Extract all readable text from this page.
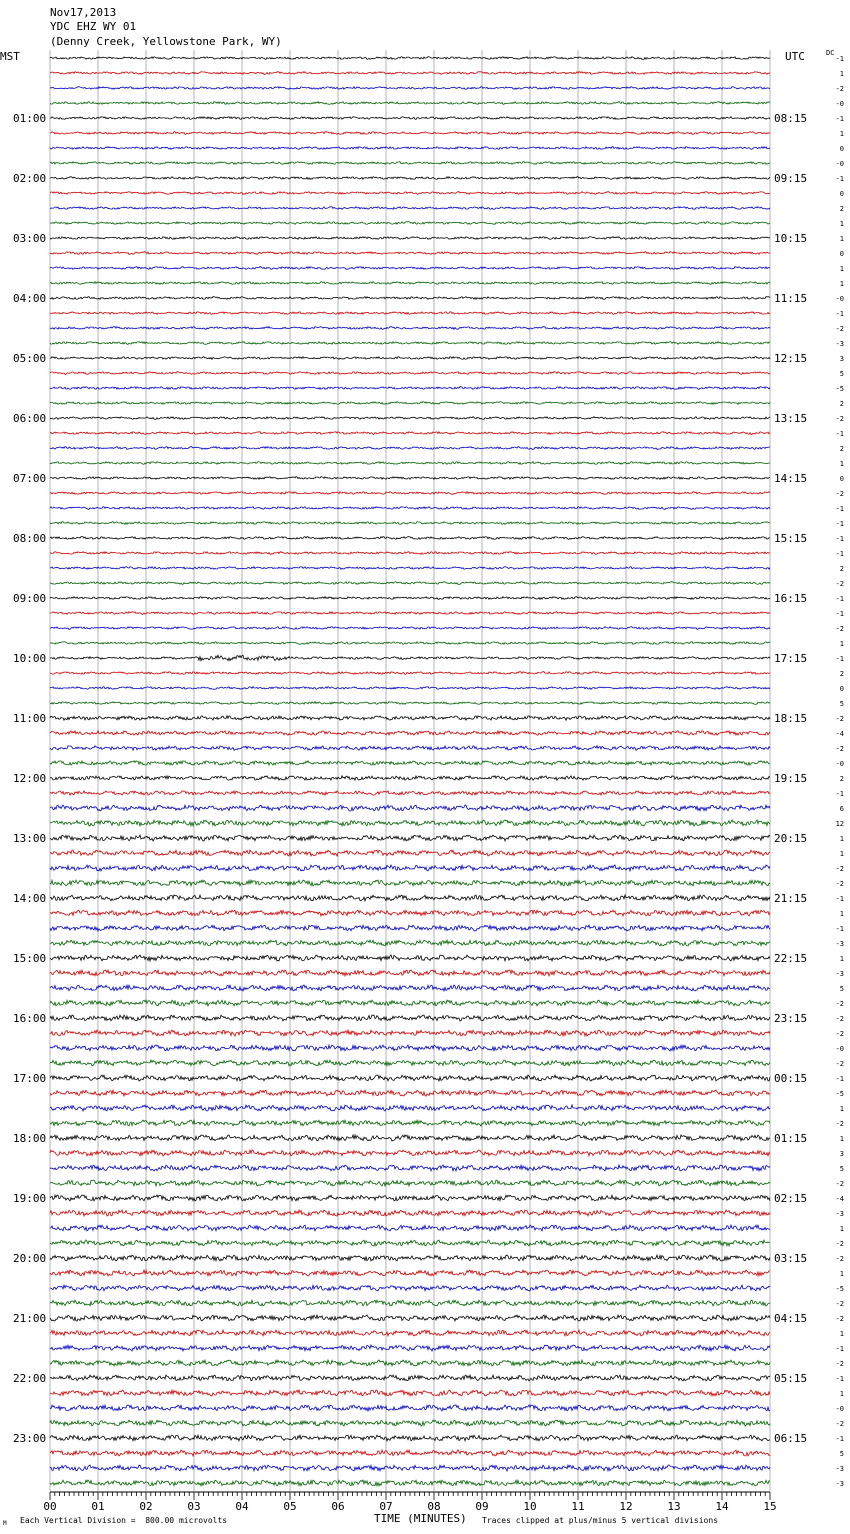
Nov17,2013
YDC EHZ WY 01
(Denny Creek, Yellowstone Park, WY)
MST	UTC	DC
01:00
02:00
03:00
04:00
05:00
06:00
07:00
08:00
09:00
10:00
11:00
12:00
13:00
14:00
15:00
16:00
17:00
18:00
19:00
20:00
21:00
22:00
23:00
08:15
09:15
10:15
11:15
12:15
13:15
14:15
15:15
16:15
17:15
18:15
19:15
20:15
21:15
22:15
23:15
00:15
01:15
02:15
03:15
04:15
05:15
06:15
-1
1
-2
-0
-1
1
0
-0
-1
0
2
1
1
0
1
1
-0
-1
-2
-3
3
5
-5
2
-2
-1
2
1
0
-2
-1
-1
-1
-1
2
-2
-1
-1
-2
1
-1
2
0
5
-2
-4
-2
-0
2
-1
6
12
1
1
-2
-2
-1
1
-1
-3
1
-3
5
-2
-2
-2
-0
-2
-1
-5
1
-2
1
3
5
-2
-4
-3
1
-2
-2
1
-5
-2
-2
1
-1
-2
-1
1
-0
-2
-1
5
-3
-3
00	01	02	03	04	05	06	07	08	09	10	11	12	13	14	15
TIME (MINUTES)
Each Vertical Division =  800.00 microvolts	Traces clipped at plus/minus 5 vertical divisions
M
